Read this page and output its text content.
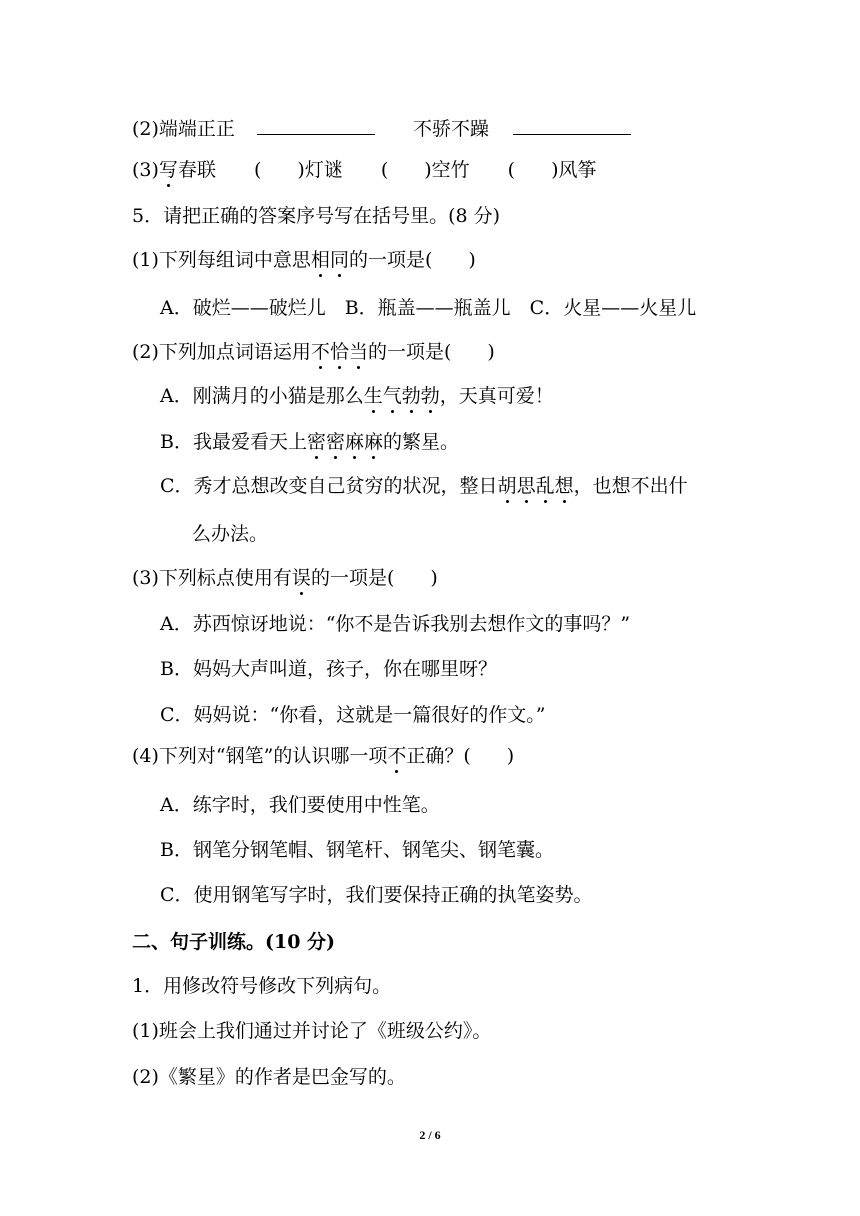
(2)端端正正	不骄不躁
(3)写春联 ( )灯谜 ( )空竹 ( )风筝
5．请把正确的答案序号写在括号里。(8 分)
(1)下列每组词中意思相同的一项是( )
A．破烂——破烂儿　B．瓶盖——瓶盖儿　C．火星——火星儿
(2)下列加点词语运用不恰当的一项是( )
A．刚满月的小猫是那么生气勃勃，天真可爱！
B．我最爱看天上密密麻麻的繁星。
C．秀才总想改变自己贫穷的状况，整日胡思乱想，也想不出什
么办法。
(3)下列标点使用有误的一项是( )
A．苏西惊讶地说：“你不是告诉我别去想作文的事吗？”
B．妈妈大声叫道，孩子，你在哪里呀？
C．妈妈说：“你看，这就是一篇很好的作文。”
(4)下列对“钢笔”的认识哪一项不正确？( )
A．练字时，我们要使用中性笔。
B．钢笔分钢笔帽、钢笔杆、钢笔尖、钢笔囊。
C．使用钢笔写字时，我们要保持正确的执笔姿势。
二、句子训练。(10 分)
1．用修改符号修改下列病句。
(1)班会上我们通过并讨论了《班级公约》。
(2)《繁星》的作者是巴金写的。
2 / 6
